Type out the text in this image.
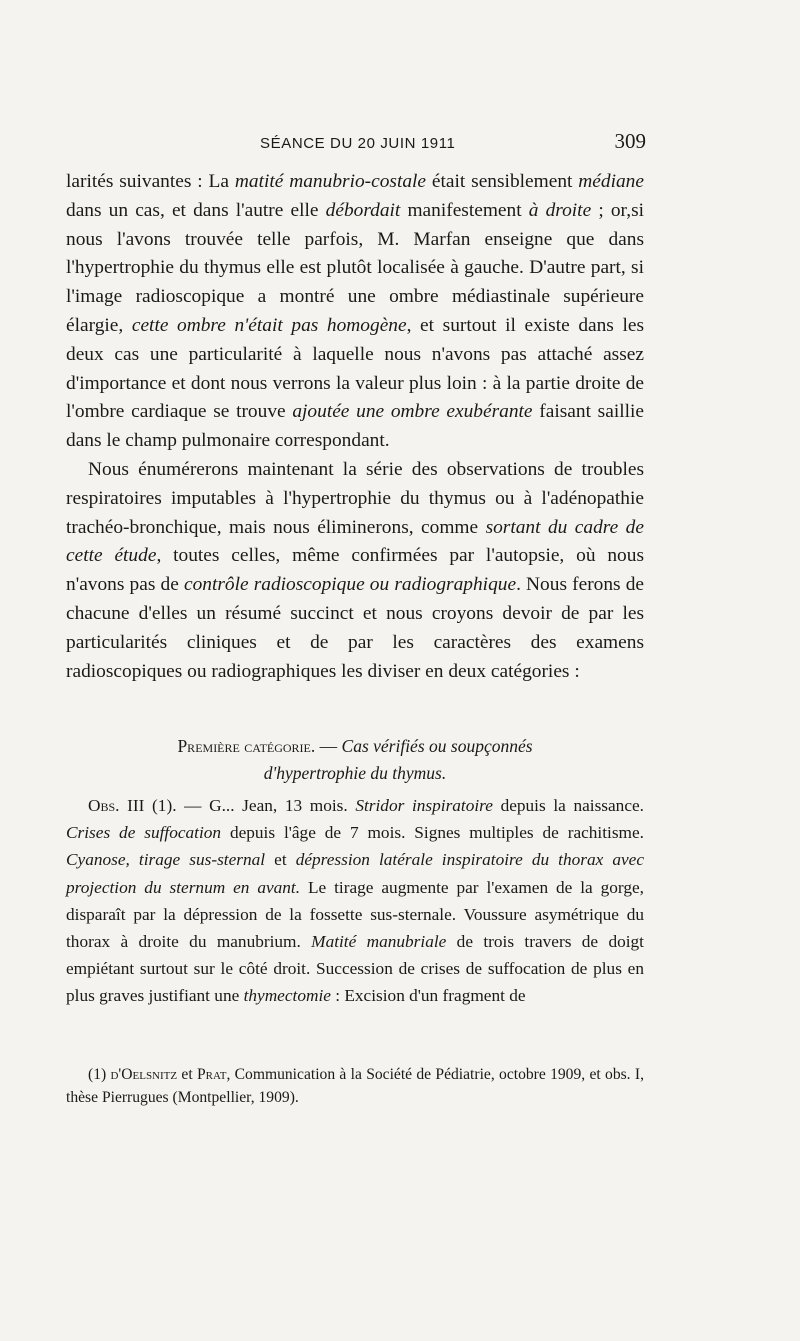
SÉANCE DU 20 JUIN 1911	309

larités suivantes : La matité manubrio-costale était sensiblement médiane dans un cas, et dans l'autre elle débordait manifestement à droite ; or,si nous l'avons trouvée telle parfois, M. Marfan enseigne que dans l'hypertrophie du thymus elle est plutôt localisée à gauche. D'autre part, si l'image radioscopique a montré une ombre médiastinale supérieure élargie, cette ombre n'était pas homogène, et surtout il existe dans les deux cas une particularité à laquelle nous n'avons pas attaché assez d'importance et dont nous verrons la valeur plus loin : à la partie droite de l'ombre cardiaque se trouve ajoutée une ombre exubérante faisant saillie dans le champ pulmonaire correspondant.

Nous énumérerons maintenant la série des observations de troubles respiratoires imputables à l'hypertrophie du thymus ou à l'adénopathie trachéo-bronchique, mais nous éliminerons, comme sortant du cadre de cette étude, toutes celles, même confirmées par l'autopsie, où nous n'avons pas de contrôle radioscopique ou radiographique. Nous ferons de chacune d'elles un résumé succinct et nous croyons devoir de par les particularités cliniques et de par les caractères des examens radioscopiques ou radiographiques les diviser en deux catégories :

Première catégorie. — Cas vérifiés ou soupçonnés
d'hypertrophie du thymus.

Obs. III (1). — G... Jean, 13 mois. Stridor inspiratoire depuis la naissance. Crises de suffocation depuis l'âge de 7 mois. Signes multiples de rachitisme. Cyanose, tirage sus-sternal et dépression latérale inspiratoire du thorax avec projection du sternum en avant. Le tirage augmente par l'examen de la gorge, disparaît par la dépression de la fossette sus-sternale. Voussure asymétrique du thorax à droite du manubrium. Matité manubriale de trois travers de doigt empiétant surtout sur le côté droit. Succession de crises de suffocation de plus en plus graves justifiant une thymectomie : Excision d'un fragment de

(1) d'Oelsnitz et Prat, Communication à la Société de Pédiatrie, octobre 1909, et obs. I, thèse Pierrugues (Montpellier, 1909).
